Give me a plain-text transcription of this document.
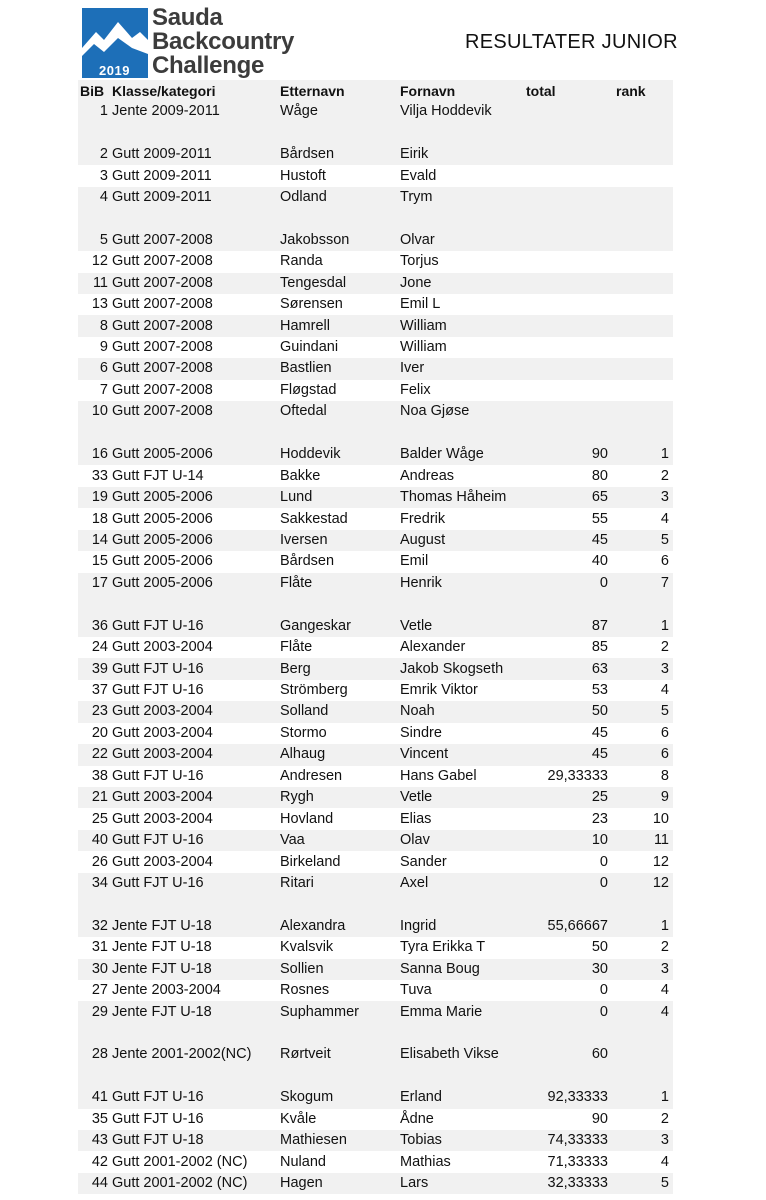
2019
Sauda
Backcountry
Challenge
RESULTATER JUNIOR
BiB	Klasse/kategori	Etternavn	Fornavn	total	rank
1	Jente 2009-2011	Wåge	Vilja Hoddevik		

2	Gutt 2009-2011	Bårdsen	Eirik		
3	Gutt 2009-2011	Hustoft	Evald		
4	Gutt 2009-2011	Odland	Trym		

5	Gutt 2007-2008	Jakobsson	Olvar		
12	Gutt 2007-2008	Randa	Torjus		
11	Gutt 2007-2008	Tengesdal	Jone		
13	Gutt 2007-2008	Sørensen	Emil L		
8	Gutt 2007-2008	Hamrell	William		
9	Gutt 2007-2008	Guindani	William		
6	Gutt 2007-2008	Bastlien	Iver		
7	Gutt 2007-2008	Fløgstad	Felix		
10	Gutt 2007-2008	Oftedal	Noa Gjøse		

16	Gutt 2005-2006	Hoddevik	Balder Wåge	90	1
33	Gutt FJT U-14	Bakke	Andreas	80	2
19	Gutt 2005-2006	Lund	Thomas Håheim	65	3
18	Gutt 2005-2006	Sakkestad	Fredrik	55	4
14	Gutt 2005-2006	Iversen	August	45	5
15	Gutt 2005-2006	Bårdsen	Emil	40	6
17	Gutt 2005-2006	Flåte	Henrik	0	7

36	Gutt FJT U-16	Gangeskar	Vetle	87	1
24	Gutt 2003-2004	Flåte	Alexander	85	2
39	Gutt FJT U-16	Berg	Jakob Skogseth	63	3
37	Gutt FJT U-16	Strömberg	Emrik Viktor	53	4
23	Gutt 2003-2004	Solland	Noah	50	5
20	Gutt 2003-2004	Stormo	Sindre	45	6
22	Gutt 2003-2004	Alhaug	Vincent	45	6
38	Gutt FJT U-16	Andresen	Hans Gabel	29,33333	8
21	Gutt 2003-2004	Rygh	Vetle	25	9
25	Gutt 2003-2004	Hovland	Elias	23	10
40	Gutt FJT U-16	Vaa	Olav	10	11
26	Gutt 2003-2004	Birkeland	Sander	0	12
34	Gutt FJT U-16	Ritari	Axel	0	12

32	Jente FJT U-18	Alexandra	Ingrid	55,66667	1
31	Jente FJT U-18	Kvalsvik	Tyra Erikka T	50	2
30	Jente FJT U-18	Sollien	Sanna Boug	30	3
27	Jente 2003-2004	Rosnes	Tuva	0	4
29	Jente FJT U-18	Suphammer	Emma Marie	0	4

28	Jente 2001-2002(NC)	Rørtveit	Elisabeth Vikse	60	

41	Gutt FJT U-16	Skogum	Erland	92,33333	1
35	Gutt FJT U-16	Kvåle	Ådne	90	2
43	Gutt FJT U-18	Mathiesen	Tobias	74,33333	3
42	Gutt 2001-2002 (NC)	Nuland	Mathias	71,33333	4
44	Gutt 2001-2002 (NC)	Hagen	Lars	32,33333	5
